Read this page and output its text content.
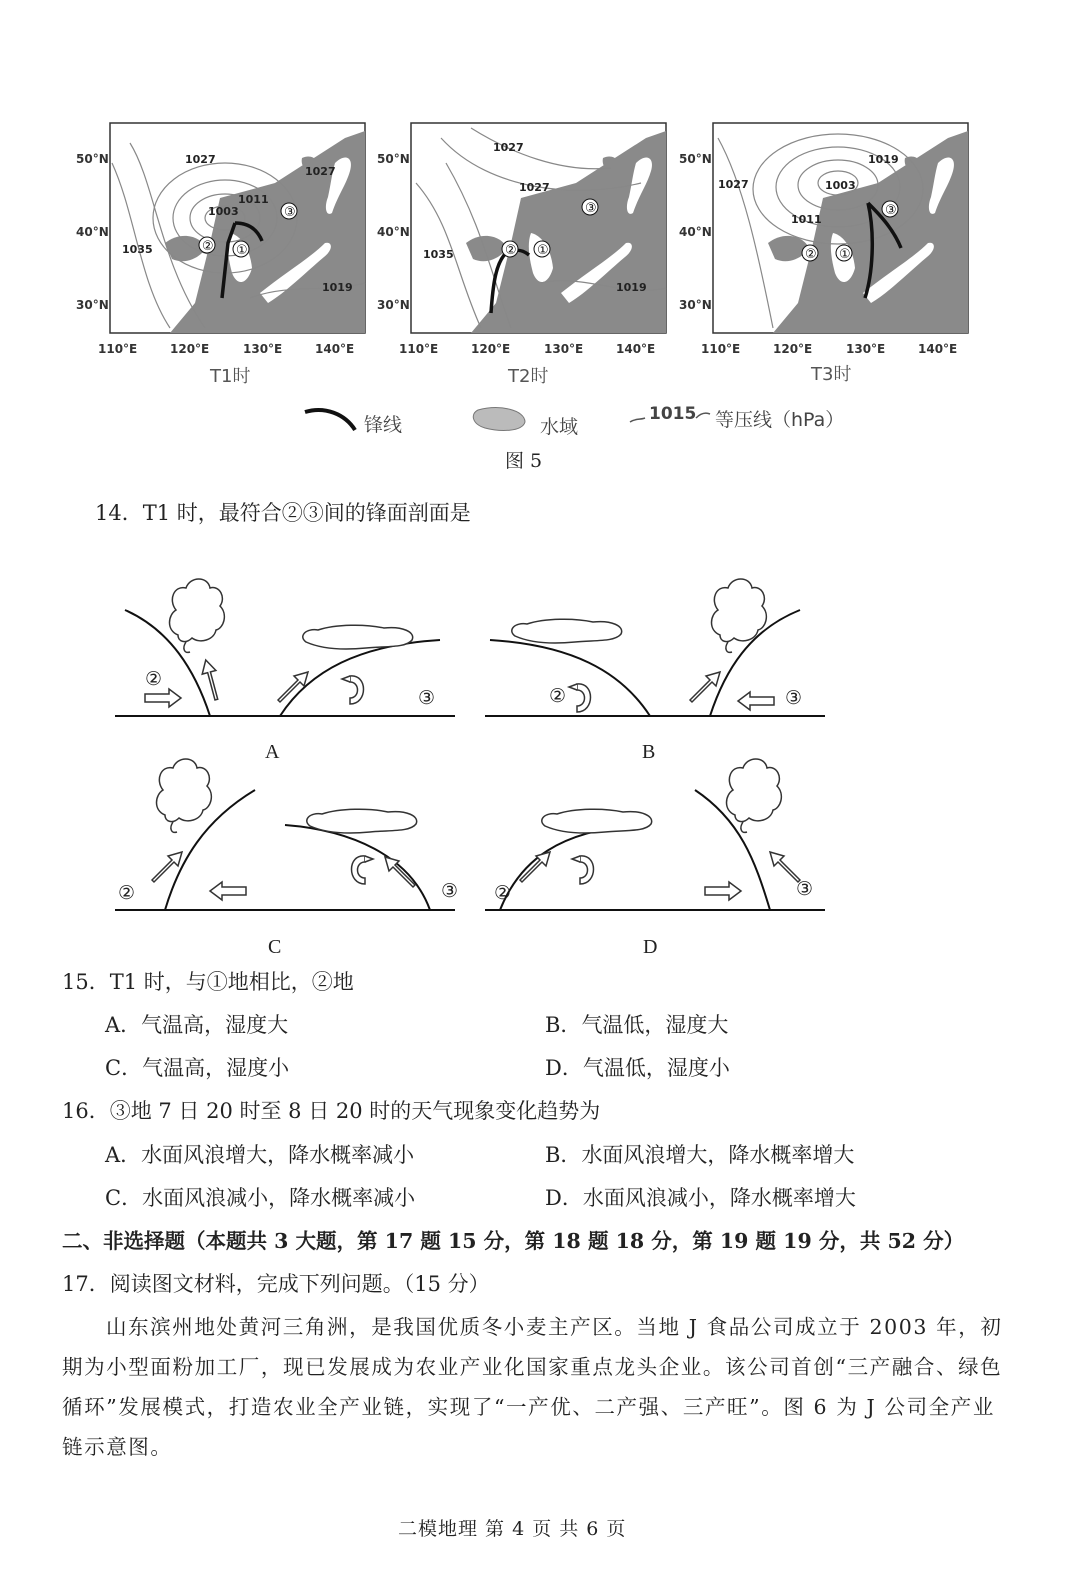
1027
1027
1003
1011
1035
1019
①
②
③
1027
1027
1035
1019
①
②
③
1019
1003
1027
1011
①
②
③
50°N
40°N
30°N
50°N
40°N
30°N
50°N
40°N
30°N
110°E	120°E	130°E	140°E	110°E	120°E	130°E	140°E	110°E	120°E	130°E	140°E
T1时	T2时	T3时
锋线	水域
1015 等压线（hPa）
图 5
14．T1 时，最符合②③间的锋面剖面是
②
③	②	③
②	③ ②	③
A	B
C	D
15．T1 时，与①地相比，②地
A．气温高，湿度大	B．气温低，湿度大
C．气温高，湿度小	D．气温低，湿度小
16．③地 7 日 20 时至 8 日 20 时的天气现象变化趋势为
A．水面风浪增大，降水概率减小	B．水面风浪增大，降水概率增大
C．水面风浪减小，降水概率减小	D．水面风浪减小，降水概率增大
二、非选择题（本题共 3 大题，第 17 题 15 分，第 18 题 18 分，第 19 题 19 分，共 52 分）
17．阅读图文材料，完成下列问题。（15 分）
山东滨州地处黄河三角洲，是我国优质冬小麦主产区。当地 J 食品公司成立于 2003 年，初期为小型面粉加工厂，现已发展成为农业产业化国家重点龙头企业。该公司首创“三产融合、绿色循环”发展模式，打造农业全产业链，实现了“一产优、二产强、三产旺”。图 6 为 J 公司全产业链示意图。
二模地理 第 4 页 共 6 页
